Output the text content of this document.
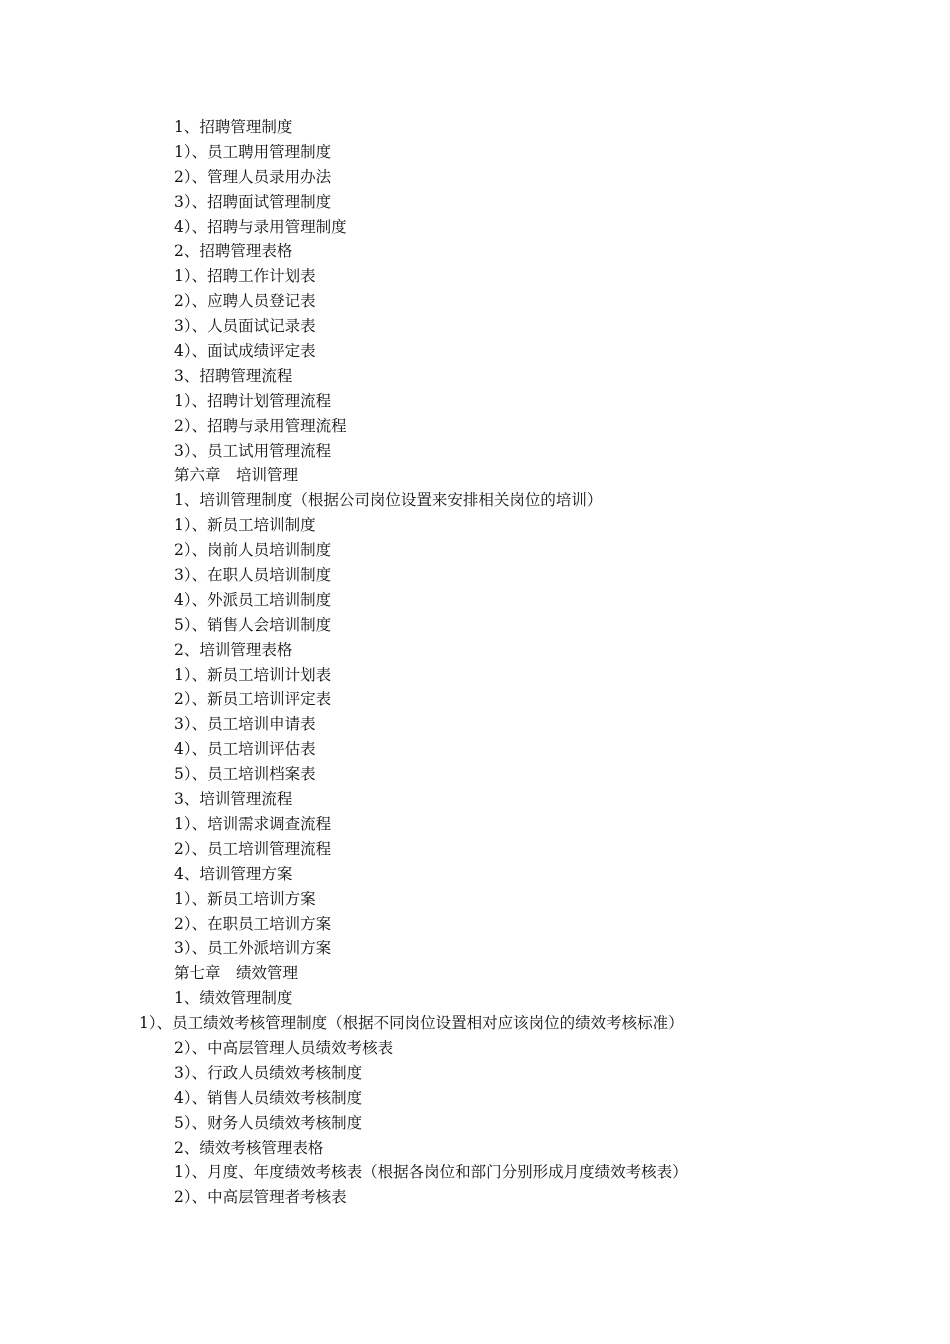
1、招聘管理制度
1）、员工聘用管理制度
2）、管理人员录用办法
3）、招聘面试管理制度
4）、招聘与录用管理制度
2、招聘管理表格
1）、招聘工作计划表
2）、应聘人员登记表
3）、人员面试记录表
4）、面试成绩评定表
3、招聘管理流程
1）、招聘计划管理流程
2）、招聘与录用管理流程
3）、员工试用管理流程
第六章　培训管理
1、培训管理制度（根据公司岗位设置来安排相关岗位的培训）
1）、新员工培训制度
2）、岗前人员培训制度
3）、在职人员培训制度
4）、外派员工培训制度
5）、销售人会培训制度
2、培训管理表格
1）、新员工培训计划表
2）、新员工培训评定表
3）、员工培训申请表
4）、员工培训评估表
5）、员工培训档案表
3、培训管理流程
1）、培训需求调查流程
2）、员工培训管理流程
4、培训管理方案
1）、新员工培训方案
2）、在职员工培训方案
3）、员工外派培训方案
第七章　绩效管理
1、绩效管理制度
1）、员工绩效考核管理制度（根据不同岗位设置相对应该岗位的绩效考核标准）
2）、中高层管理人员绩效考核表
3）、行政人员绩效考核制度
4）、销售人员绩效考核制度
5）、财务人员绩效考核制度
2、绩效考核管理表格
1）、月度、年度绩效考核表（根据各岗位和部门分别形成月度绩效考核表）
2）、中高层管理者考核表
